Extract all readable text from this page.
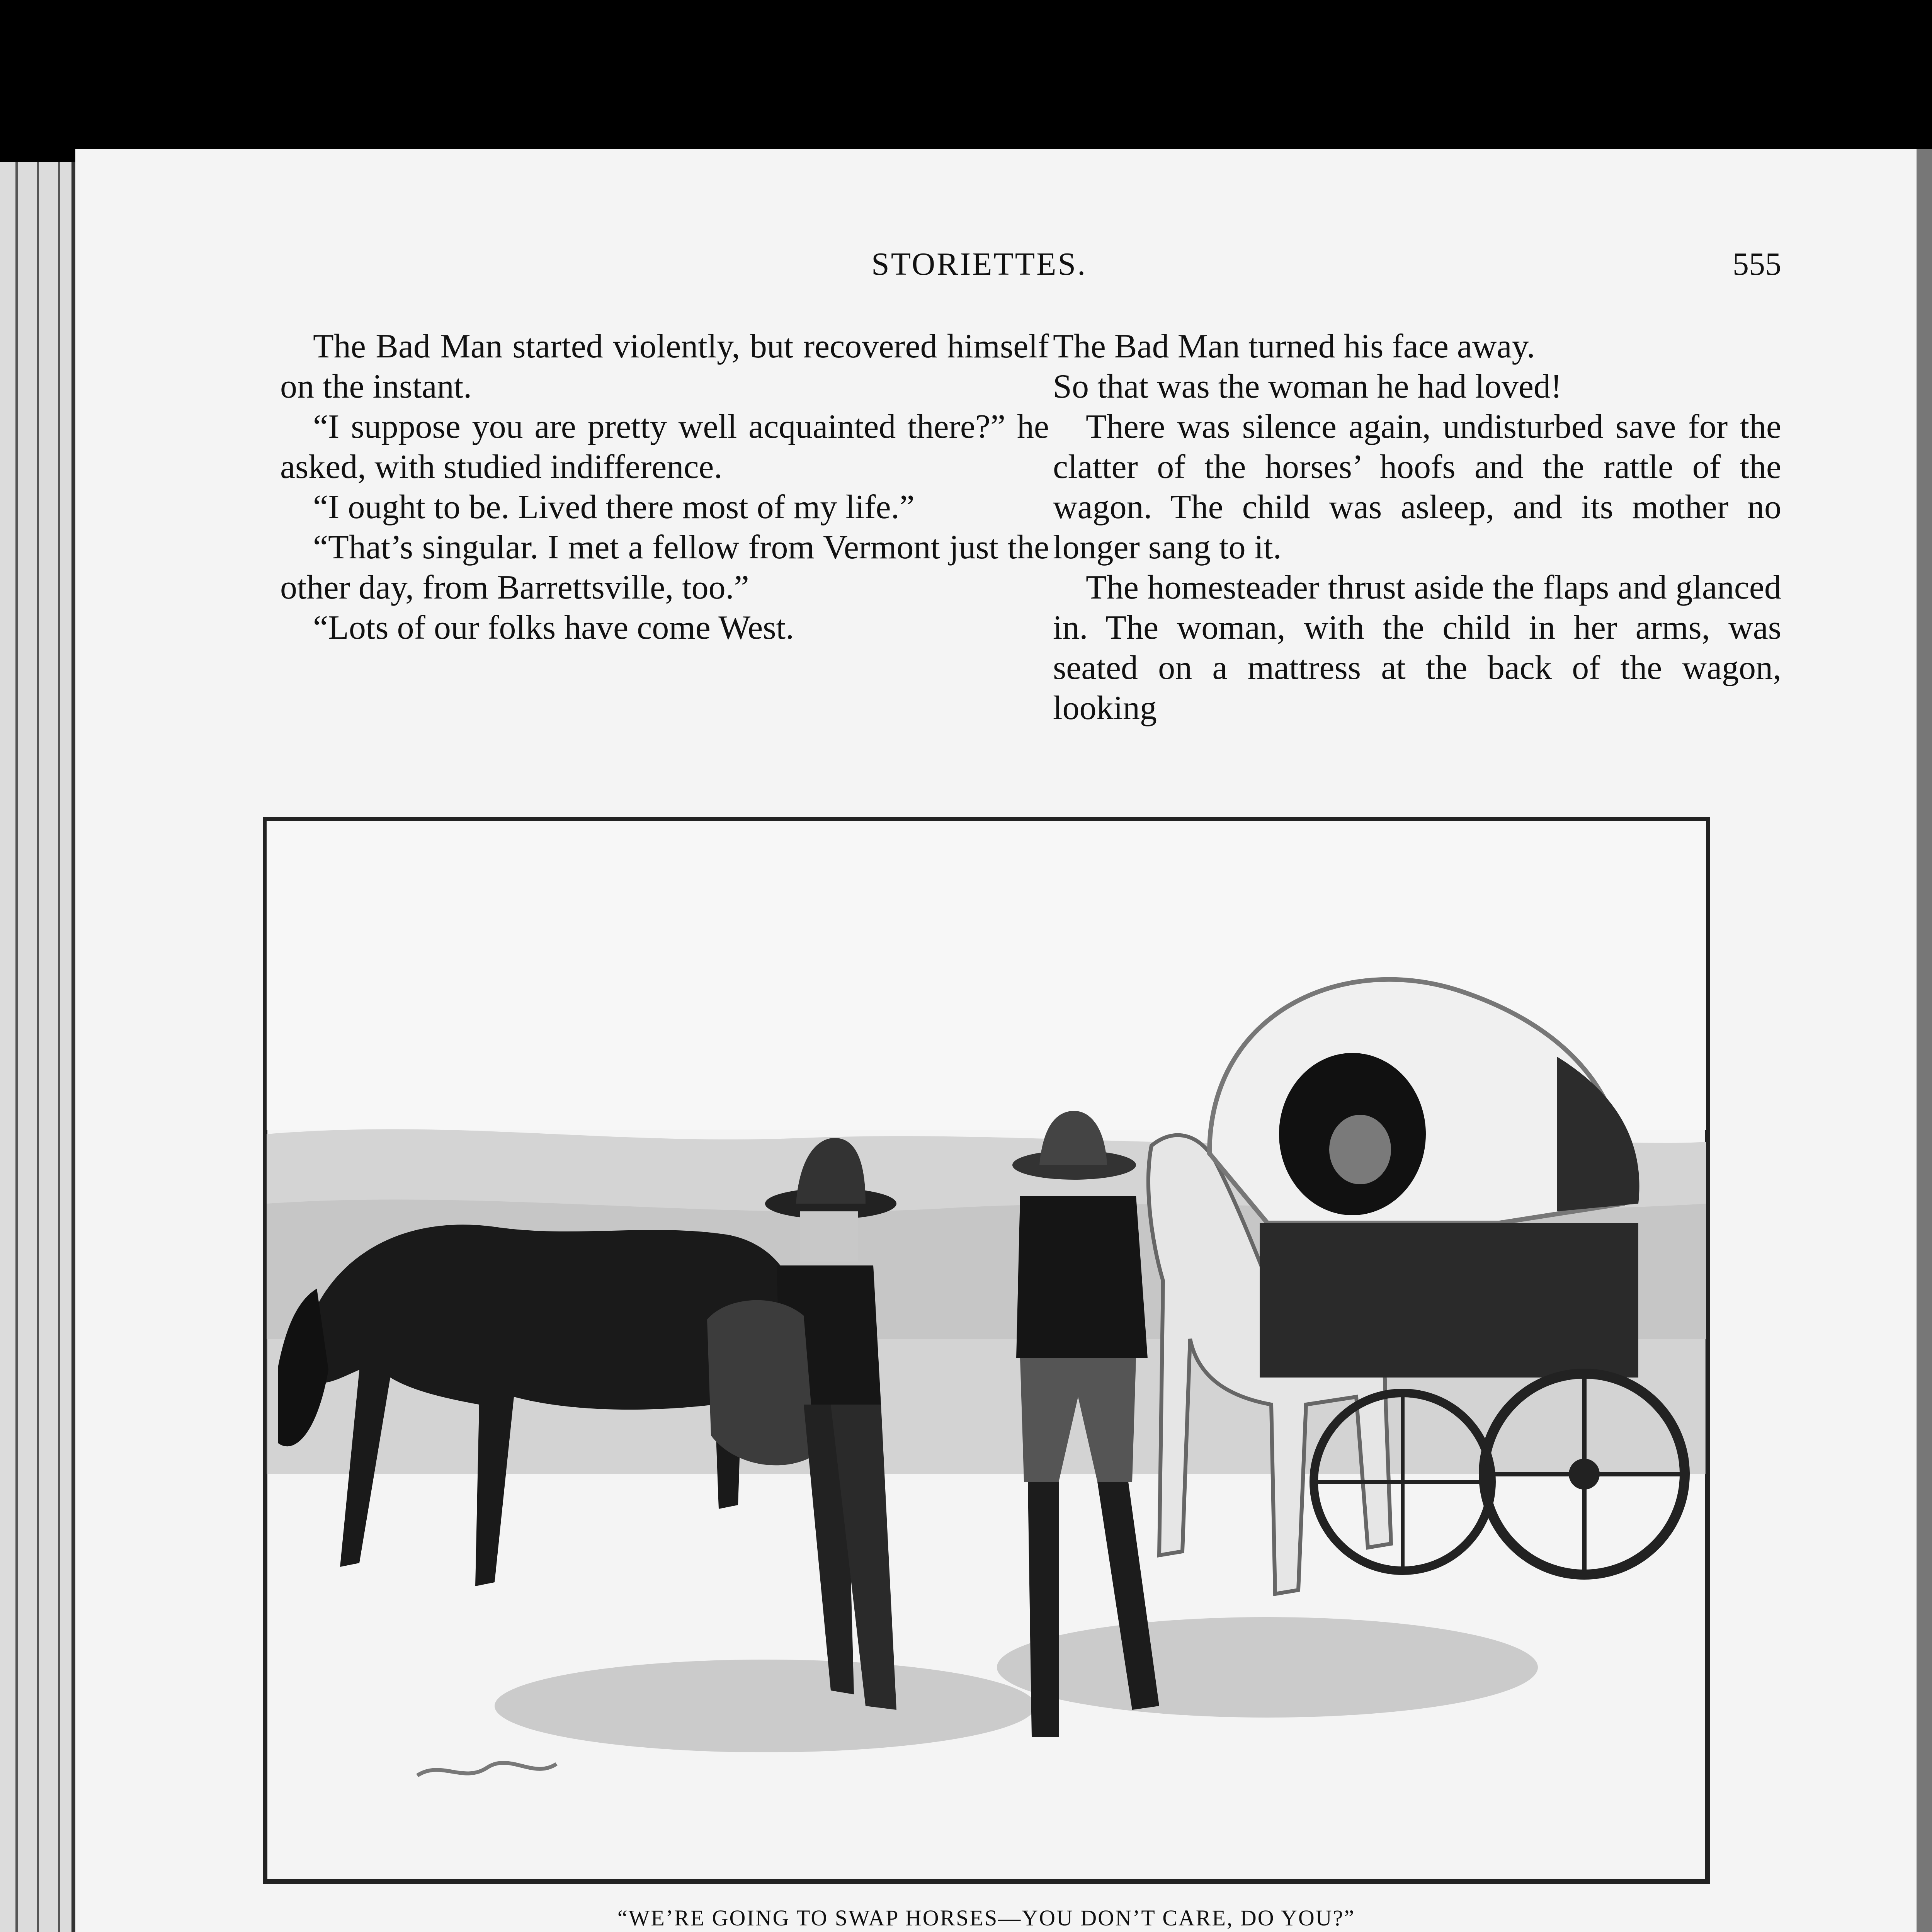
STORIETTES.	555

The Bad Man started violently, but recovered himself on the instant.

“I suppose you are pretty well acquainted there?” he asked, with studied indifference.

“I ought to be. Lived there most of my life.”

“That’s singular. I met a fellow from Vermont just the other day, from Barrettsville, too.”

“Lots of our folks have come West.

The Bad Man turned his face away.

So that was the woman he had loved!

There was silence again, undisturbed save for the clatter of the horses’ hoofs and the rattle of the wagon. The child was asleep, and its mother no longer sang to it.

The homesteader thrust aside the flaps and glanced in. The woman, with the child in her arms, was seated on a mattress at the back of the wagon, looking

“WE’RE GOING TO SWAP HORSES—YOU DON’T CARE, DO YOU?”
